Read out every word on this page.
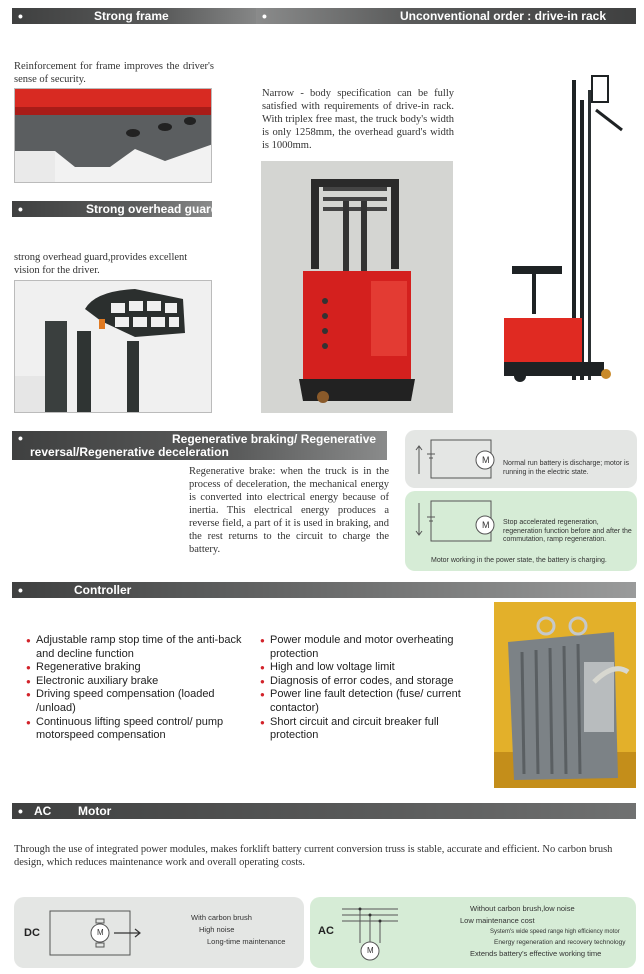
•	Strong frame
Reinforcement for frame improves the driver's sense of security.
•	Unconventional order : drive-in rack
Narrow - body specification can be fully satisfied with requirements of drive-in rack. With triplex free mast, the truck body's width is only 1258mm, the overhead guard's width is 1000mm.
•	Strong overhead guard
strong overhead guard,provides excellent vision for the driver.
•	Regenerative braking/ Regenerative
reversal/Regenerative deceleration
Regenerative brake: when the truck is in the process of deceleration, the mechanical energy is converted into electrical energy because of inertia. This electrical energy produces a reverse field, a part of it is used in braking, and the rest returns to the circuit to charge the battery.
M Normal run battery is discharge; motor is running in the electric state.
M Stop accelerated regeneration, regeneration function before and after the commutation, ramp regeneration.
Motor working in the power state, the battery is charging.
•	Controller
● Adjustable ramp stop time of the anti-back and decline function
● Regenerative braking
● Electronic auxiliary brake
● Driving speed compensation (loaded /unload)
● Continuous lifting speed control/ pump motorspeed compensation
● Power module and motor overheating protection
● High and low voltage limit
● Diagnosis of error codes, and storage
● Power line fault detection (fuse/ current contactor)
● Short circuit and circuit breaker full protection
• AC Motor
Through the use of integrated power modules, makes forklift battery current conversion truss is stable, accurate and efficient. No carbon brush design, which reduces maintenance work and overall operating costs.
DC	M
With carbon brush
High noise
Long-time maintenance
AC
M
Without carbon brush,low noise
Low maintenance cost
System's wide speed range high efficiency motor
Energy regeneration and recovery technology
Extends battery's effective working time
